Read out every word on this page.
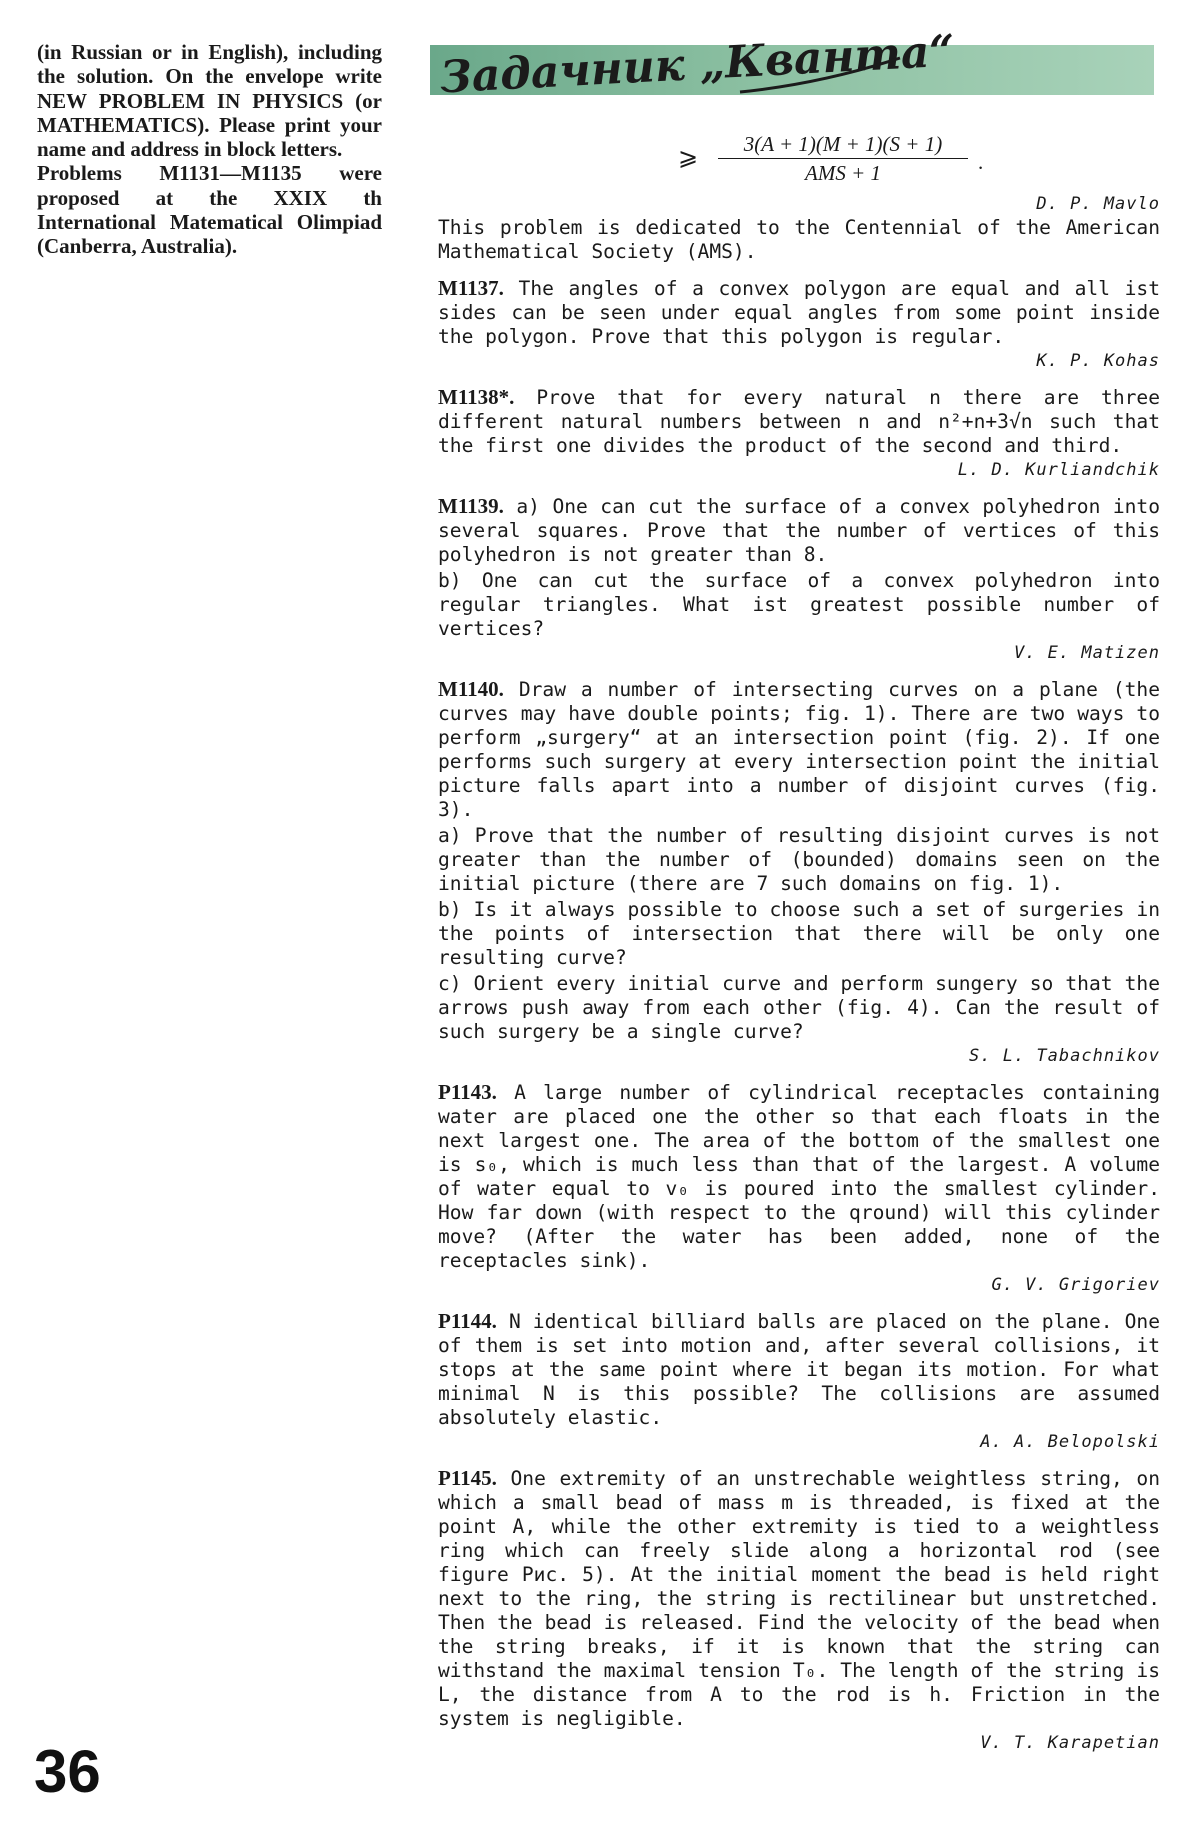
(in Russian or in English), including the solution. On the envelope write NEW PROBLEM IN PHYSICS (or MATHEMATICS). Please print your name and address in block letters.

Problems M1131—M1135 were proposed at the XXIX th International Matematical Olimpiad (Canberra, Australia).

36
Задачник „Кванта“
⩾
3(A + 1)(M + 1)(S + 1)
AMS + 1	.
D. P. Mavlo

This problem is dedicated to the Centennial of the American Mathematical Society (AMS).

M1137. The angles of a convex polygon are equal and all ist sides can be seen under equal angles from some point inside the polygon. Prove that this polygon is regular.

K. P. Kohas

M1138*. Prove that for every natural n there are three different natural numbers between n and n²+n+3√n such that the first one divides the product of the second and third.

L. D. Kurliandchik

M1139. a) One can cut the surface of a convex polyhedron into several squares. Prove that the number of vertices of this polyhedron is not greater than 8.

b) One can cut the surface of a convex polyhedron into regular triangles. What ist greatest possible number of vertices?

V. E. Matizen

M1140. Draw a number of intersecting curves on a plane (the curves may have double points; fig. 1). There are two ways to perform „surgery“ at an intersection point (fig. 2). If one performs such surgery at every intersection point the initial picture falls apart into a number of disjoint curves (fig. 3).

a) Prove that the number of resulting disjoint curves is not greater than the number of (bounded) domains seen on the initial picture (there are 7 such domains on fig. 1).

b) Is it always possible to choose such a set of surgeries in the points of intersection that there will be only one resulting curve?

c) Orient every initial curve and perform sungery so that the arrows push away from each other (fig. 4). Can the result of such surgery be a single curve?

S. L. Tabachnikov

P1143. A large number of cylindrical receptacles containing water are placed one the other so that each floats in the next largest one. The area of the bottom of the smallest one is s₀, which is much less than that of the largest. A volume of water equal to v₀ is poured into the smallest cylinder. How far down (with respect to the qround) will this cylinder move? (After the water has been added, none of the receptacles sink).

G. V. Grigoriev

P1144. N identical billiard balls are placed on the plane. One of them is set into motion and, after several collisions, it stops at the same point where it began its motion. For what minimal N is this possible? The collisions are assumed absolutely elastic.

A. A. Belopolski

P1145. One extremity of an unstrechable weightless string, on which a small bead of mass m is threaded, is fixed at the point A, while the other extremity is tied to a weightless ring which can freely slide along a horizontal rod (see figure Рис. 5). At the initial moment the bead is held right next to the ring, the string is rectilinear but unstretched. Then the bead is released. Find the velocity of the bead when the string breaks, if it is known that the string can withstand the maximal tension T₀. The length of the string is L, the distance from A to the rod is h. Friction in the system is negligible.

V. T. Karapetian
